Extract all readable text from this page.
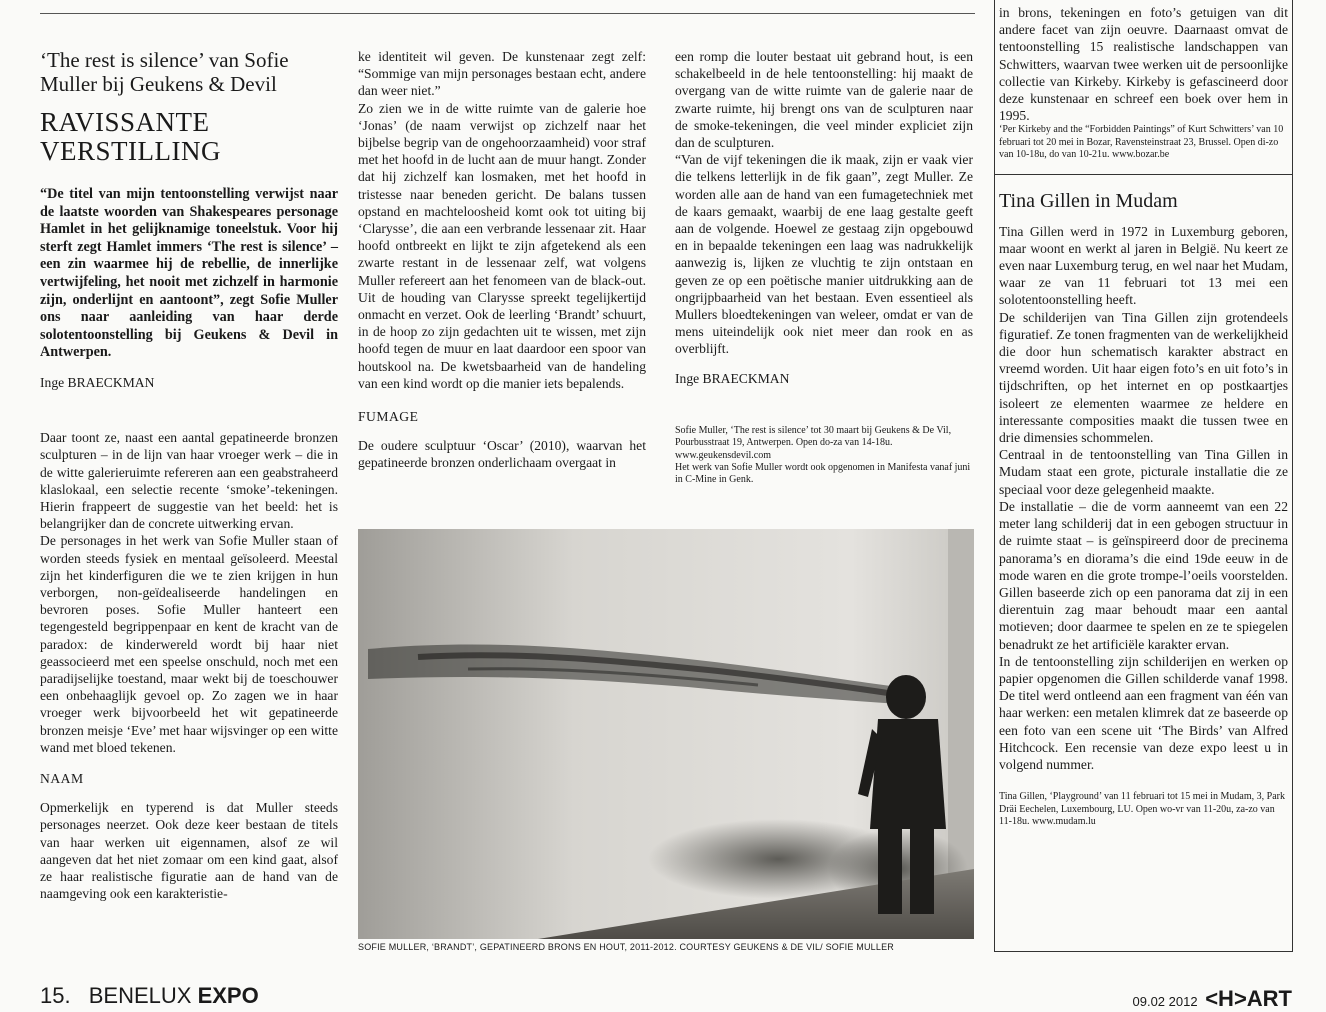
‘The rest is silence’ van Sofie Muller bij Geukens & Devil
RAVISSANTE VERSTILLING

“De titel van mijn tentoonstelling verwijst naar de laatste woorden van Shakespeares personage Hamlet in het gelijknamige toneelstuk. Voor hij sterft zegt Hamlet immers ‘The rest is silence’ – een zin waarmee hij de rebellie, de innerlijke vertwijfeling, het nooit met zichzelf in harmonie zijn, onderlijnt en aantoont”, zegt Sofie Muller ons naar aanleiding van haar derde solotentoonstelling bij Geukens & Devil in Antwerpen.

Inge BRAECKMAN

Daar toont ze, naast een aantal gepatineerde bronzen sculpturen – in de lijn van haar vroeger werk – die in de witte galerieruimte refereren aan een geabstraheerd klaslokaal, een selectie recente ‘smoke’-tekeningen. Hierin frappeert de suggestie van het beeld: het is belangrijker dan de concrete uitwerking ervan.

De personages in het werk van Sofie Muller staan of worden steeds fysiek en mentaal geïsoleerd. Meestal zijn het kinderfiguren die we te zien krijgen in hun verborgen, non-geïdealiseerde handelingen en bevroren poses. Sofie Muller hanteert een tegengesteld begrippenpaar en kent de kracht van de paradox: de kinderwereld wordt bij haar niet geassocieerd met een speelse onschuld, noch met een paradijselijke toestand, maar wekt bij de toeschouwer een onbehaaglijk gevoel op. Zo zagen we in haar vroeger werk bijvoorbeeld het wit gepatineerde bronzen meisje ‘Eve’ met haar wijsvinger op een witte wand met bloed tekenen.

NAAM

Opmerkelijk en typerend is dat Muller steeds personages neerzet. Ook deze keer bestaan de titels van haar werken uit eigennamen, alsof ze wil aangeven dat het niet zomaar om een kind gaat, alsof ze haar realistische figuratie aan de hand van de naamgeving ook een karakteristie-

ke identiteit wil geven. De kunstenaar zegt zelf: “Sommige van mijn personages bestaan echt, andere dan weer niet.”

Zo zien we in de witte ruimte van de galerie hoe ‘Jonas’ (de naam verwijst op zichzelf naar het bijbelse begrip van de ongehoorzaamheid) voor straf met het hoofd in de lucht aan de muur hangt. Zonder dat hij zichzelf kan losmaken, met het hoofd in tristesse naar beneden gericht. De balans tussen opstand en machteloosheid komt ook tot uiting bij ‘Clarysse’, die aan een verbrande lessenaar zit. Haar hoofd ontbreekt en lijkt te zijn afgetekend als een zwarte restant in de lessenaar zelf, wat volgens Muller refereert aan het fenomeen van de black-out. Uit de houding van Clarysse spreekt tegelijkertijd onmacht en verzet. Ook de leerling ‘Brandt’ schuurt, in de hoop zo zijn gedachten uit te wissen, met zijn hoofd tegen de muur en laat daardoor een spoor van houtskool na. De kwetsbaarheid van de handeling van een kind wordt op die manier iets bepalends.

FUMAGE

De oudere sculptuur ‘Oscar’ (2010), waarvan het gepatineerde bronzen onderlichaam overgaat in

een romp die louter bestaat uit gebrand hout, is een schakelbeeld in de hele tentoonstelling: hij maakt de overgang van de witte ruimte van de galerie naar de zwarte ruimte, hij brengt ons van de sculpturen naar de smoke-tekeningen, die veel minder expliciet zijn dan de sculpturen.

“Van de vijf tekeningen die ik maak, zijn er vaak vier die telkens letterlijk in de fik gaan”, zegt Muller. Ze worden alle aan de hand van een fumagetechniek met de kaars gemaakt, waarbij de ene laag gestalte geeft aan de volgende. Hoewel ze gestaag zijn opgebouwd en in bepaalde tekeningen een laag was nadrukkelijk aanwezig is, lijken ze vluchtig te zijn ontstaan en geven ze op een poëtische manier uitdrukking aan de ongrijpbaarheid van het bestaan. Even essentieel als Mullers bloedtekeningen van weleer, omdat er van de mens uiteindelijk ook niet meer dan rook en as overblijft.

Inge BRAECKMAN

Sofie Muller, ‘The rest is silence’ tot 30 maart bij Geukens & De Vil, Pourbusstraat 19, Antwerpen. Open do-za van 14-18u. www.geukensdevil.com

Het werk van Sofie Muller wordt ook opgenomen in Manifesta vanaf juni in C-Mine in Genk.

SOFIE MULLER, ‘BRANDT’, GEPATINEERD BRONS EN HOUT, 2011-2012. COURTESY GEUKENS & DE VIL/ SOFIE MULLER

in brons, tekeningen en foto’s getuigen van dit andere facet van zijn oeuvre. Daarnaast omvat de tentoonstelling 15 realistische landschappen van Schwitters, waarvan twee werken uit de persoonlijke collectie van Kirkeby. Kirkeby is gefascineerd door deze kunstenaar en schreef een boek over hem in 1995.

‘Per Kirkeby and the “Forbidden Paintings” of Kurt Schwitters’ van 10 februari tot 20 mei in Bozar, Ravensteinstraat 23, Brussel. Open di-zo van 10-18u, do van 10-21u. www.bozar.be

Tina Gillen in Mudam

Tina Gillen werd in 1972 in Luxemburg geboren, maar woont en werkt al jaren in België. Nu keert ze even naar Luxemburg terug, en wel naar het Mudam, waar ze van 11 februari tot 13 mei een solotentoonstelling heeft.

De schilderijen van Tina Gillen zijn grotendeels figuratief. Ze tonen fragmenten van de werkelijkheid die door hun schematisch karakter abstract en vreemd worden. Uit haar eigen foto’s en uit foto’s in tijdschriften, op het internet en op postkaartjes isoleert ze elementen waarmee ze heldere en interessante composities maakt die tussen twee en drie dimensies schommelen.

Centraal in de tentoonstelling van Tina Gillen in Mudam staat een grote, picturale installatie die ze speciaal voor deze gelegenheid maakte.

De installatie – die de vorm aanneemt van een 22 meter lang schilderij dat in een gebogen structuur in de ruimte staat – is geïnspireerd door de precinema panorama’s en diorama’s die eind 19de eeuw in de mode waren en die grote trompe-l’oeils voorstelden. Gillen baseerde zich op een panorama dat zij in een dierentuin zag maar behoudt maar een aantal motieven; door daarmee te spelen en ze te spiegelen benadrukt ze het artificiële karakter ervan.

In de tentoonstelling zijn schilderijen en werken op papier opgenomen die Gillen schilderde vanaf 1998. De titel werd ontleend aan een fragment van één van haar werken: een metalen klimrek dat ze baseerde op een foto van een scene uit ‘The Birds’ van Alfred Hitchcock. Een recensie van deze expo leest u in volgend nummer.

Tina Gillen, ‘Playground’ van 11 februari tot 15 mei in Mudam, 3, Park Dräi Eechelen, Luxembourg, LU. Open wo-vr van 11-20u, za-zo van 11-18u. www.mudam.lu

15. BENELUX EXPO	09.02 2012 <H>ART
